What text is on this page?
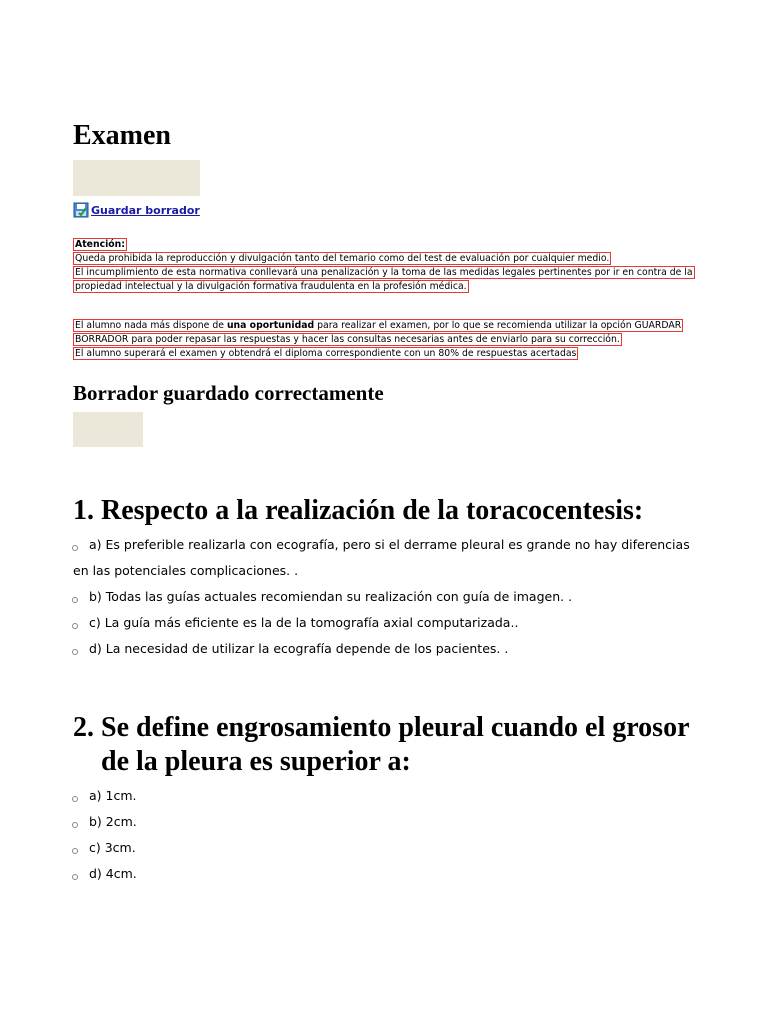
Examen
Guardar borrador
Atención:
Queda prohibida la reproducción y divulgación tanto del temario como del test de evaluación por cualquier medio.
El incumplimiento de esta normativa conllevará una penalización y la toma de las medidas legales pertinentes por ir en contra de la
propiedad intelectual y la divulgación formativa fraudulenta en la profesión médica.
El alumno nada más dispone de una oportunidad para realizar el examen, por lo que se recomienda utilizar la opción GUARDAR
BORRADOR para poder repasar las respuestas y hacer las consultas necesarias antes de enviarlo para su corrección.
El alumno superará el examen y obtendrá el diploma correspondiente con un 80% de respuestas acertadas
Borrador guardado correctamente
1. Respecto a la realización de la toracocentesis:
a) Es preferible realizarla con ecografía, pero si el derrame pleural es grande no hay diferencias en las potenciales complicaciones. .
b) Todas las guías actuales recomiendan su realización con guía de imagen. .
c) La guía más eficiente es la de la tomografía axial computarizada..
d) La necesidad de utilizar la ecografía depende de los pacientes. .
2. Se define engrosamiento pleural cuando el grosor de la pleura es superior a:
a) 1cm.
b) 2cm.
c) 3cm.
d) 4cm.
